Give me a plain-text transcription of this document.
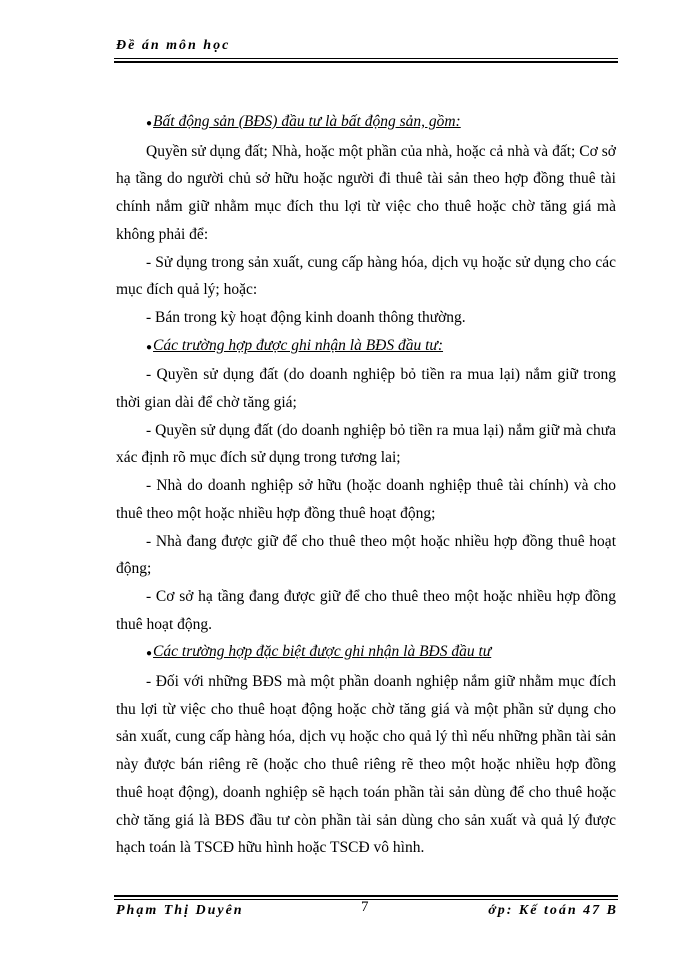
Đề án môn học

●Bất động sản (BĐS) đầu tư là bất động sản, gồm:

Quyền sử dụng đất; Nhà, hoặc một phần của nhà, hoặc cả nhà và đất; Cơ sở hạ tầng do người chủ sở hữu hoặc người đi thuê tài sản theo hợp đồng thuê tài chính nắm giữ nhằm mục đích thu lợi từ việc cho thuê hoặc chờ tăng giá mà không phải để:

- Sử dụng trong sản xuất, cung cấp hàng hóa, dịch vụ hoặc sử dụng cho các mục đích quả lý; hoặc:

- Bán trong kỳ hoạt động kinh doanh thông thường.

●Các trường hợp được ghi nhận là BĐS đầu tư:

- Quyền sử dụng đất (do doanh nghiệp bỏ tiền ra mua lại) nắm giữ trong thời gian dài để chờ tăng giá;

- Quyền sử dụng đất (do doanh nghiệp bỏ tiền ra mua lại) nắm giữ mà chưa xác định rõ mục đích sử dụng trong tương lai;

- Nhà do doanh nghiệp sở hữu (hoặc doanh nghiệp thuê tài chính) và cho thuê theo một hoặc nhiều hợp đồng thuê hoạt động;

- Nhà đang được giữ để cho thuê theo một hoặc nhiều hợp đồng thuê hoạt động;

- Cơ sở hạ tầng đang được giữ để cho thuê theo một hoặc nhiều hợp đồng thuê hoạt động.

●Các trường hợp đặc biệt được ghi nhận là BĐS đầu tư

- Đối với những BĐS mà một phần doanh nghiệp nắm giữ nhằm mục đích thu lợi từ việc cho thuê hoạt động hoặc chờ tăng giá và một phần sử dụng cho sản xuất, cung cấp hàng hóa, dịch vụ hoặc cho quả lý thì nếu những phần tài sản này được bán riêng rẽ (hoặc cho thuê riêng rẽ theo một hoặc nhiều hợp đồng thuê hoạt động), doanh nghiệp sẽ hạch toán phần tài sản dùng để cho thuê hoặc chờ tăng giá là BĐS đầu tư còn phần tài sản dùng cho sản xuất và quả lý được hạch toán là TSCĐ hữu hình hoặc TSCĐ vô hình.

Phạm Thị Duyên	7	ớp: Kế toán 47 B
